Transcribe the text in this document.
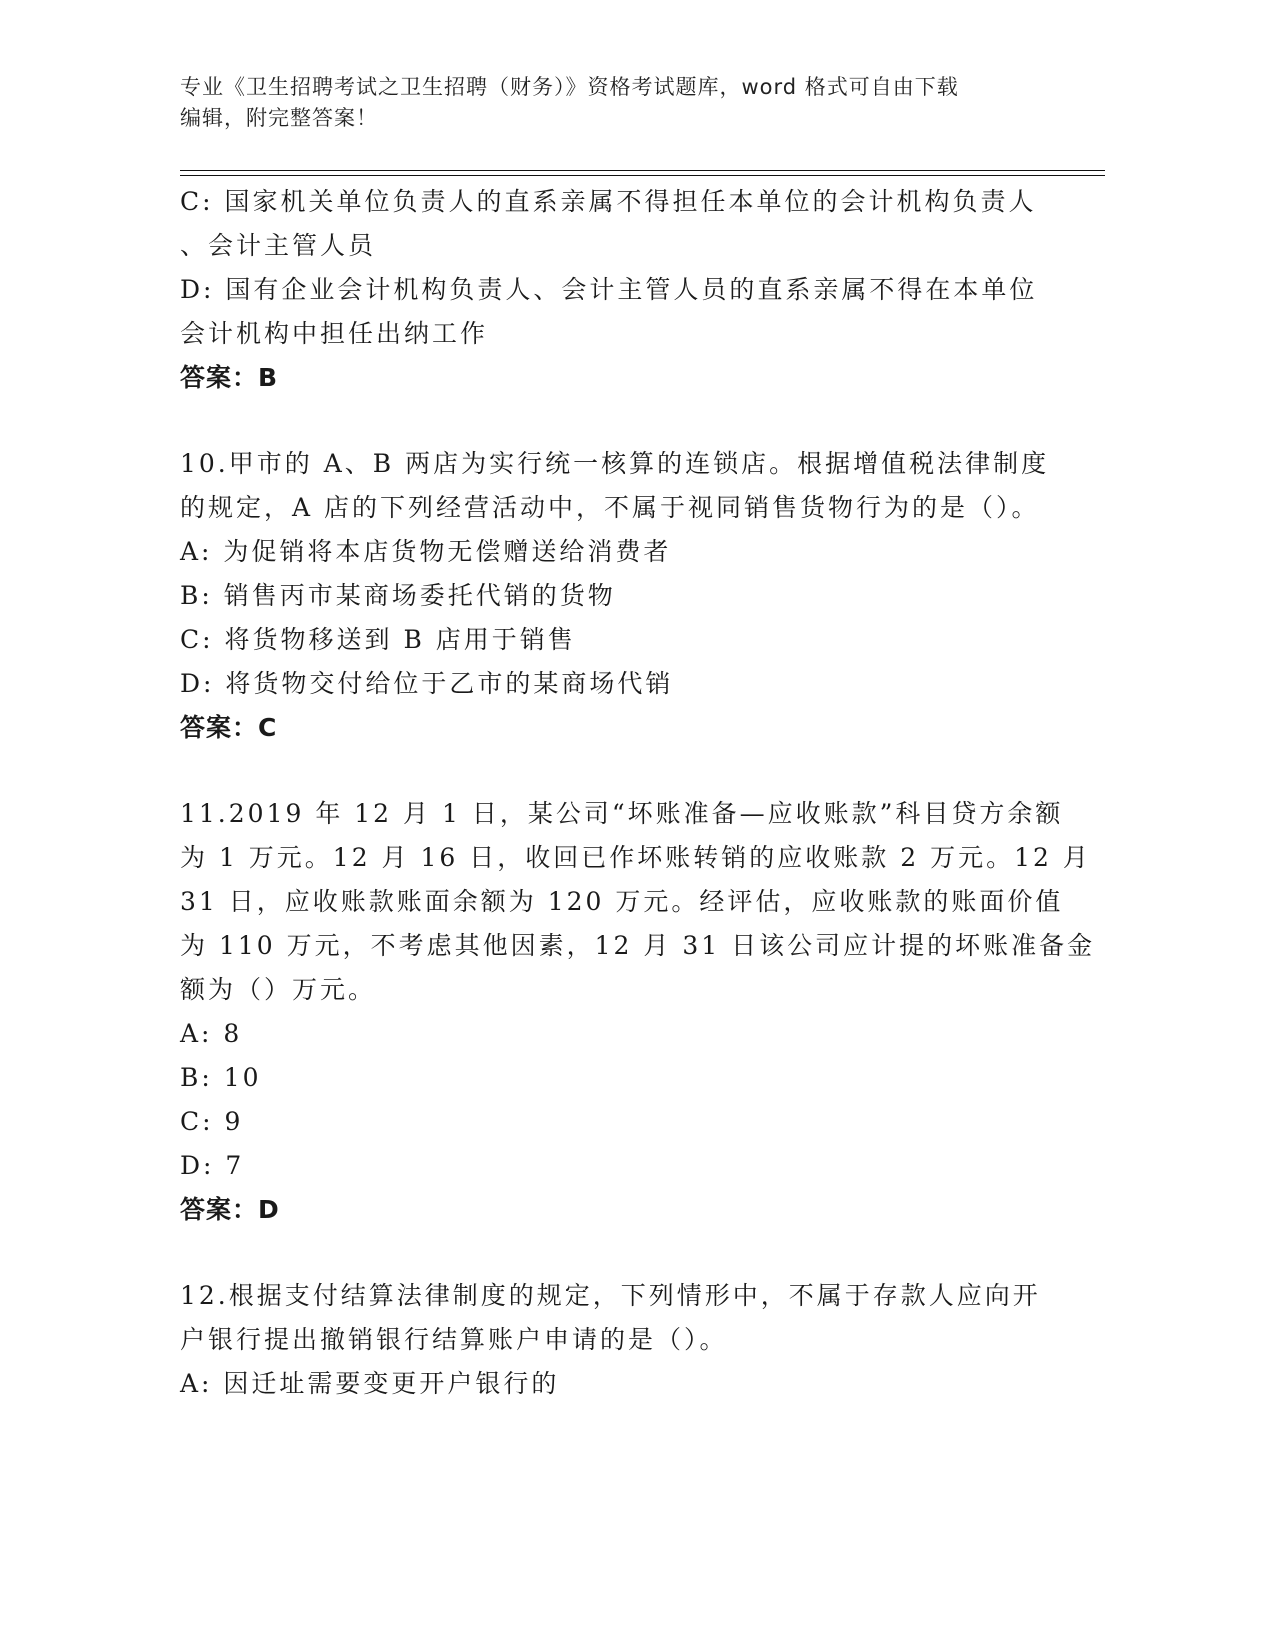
专业《卫生招聘考试之卫生招聘（财务）》资格考试题库，word 格式可自由下载
编辑，附完整答案！
C: 国家机关单位负责人的直系亲属不得担任本单位的会计机构负责人
、会计主管人员
D: 国有企业会计机构负责人、会计主管人员的直系亲属不得在本单位
会计机构中担任出纳工作
答案：B
10.甲市的 A、B 两店为实行统一核算的连锁店。根据增值税法律制度
的规定，A 店的下列经营活动中，不属于视同销售货物行为的是（）。
A: 为促销将本店货物无偿赠送给消费者
B: 销售丙市某商场委托代销的货物
C: 将货物移送到 B 店用于销售
D: 将货物交付给位于乙市的某商场代销
答案：C
11.2019 年 12 月 1 日，某公司“坏账准备—应收账款”科目贷方余额
为 1 万元。12 月 16 日，收回已作坏账转销的应收账款 2 万元。12 月
31 日，应收账款账面余额为 120 万元。经评估，应收账款的账面价值
为 110 万元，不考虑其他因素，12 月 31 日该公司应计提的坏账准备金
额为（）万元。
A: 8
B: 10
C: 9
D: 7
答案：D
12.根据支付结算法律制度的规定，下列情形中，不属于存款人应向开
户银行提出撤销银行结算账户申请的是（）。
A: 因迁址需要变更开户银行的
